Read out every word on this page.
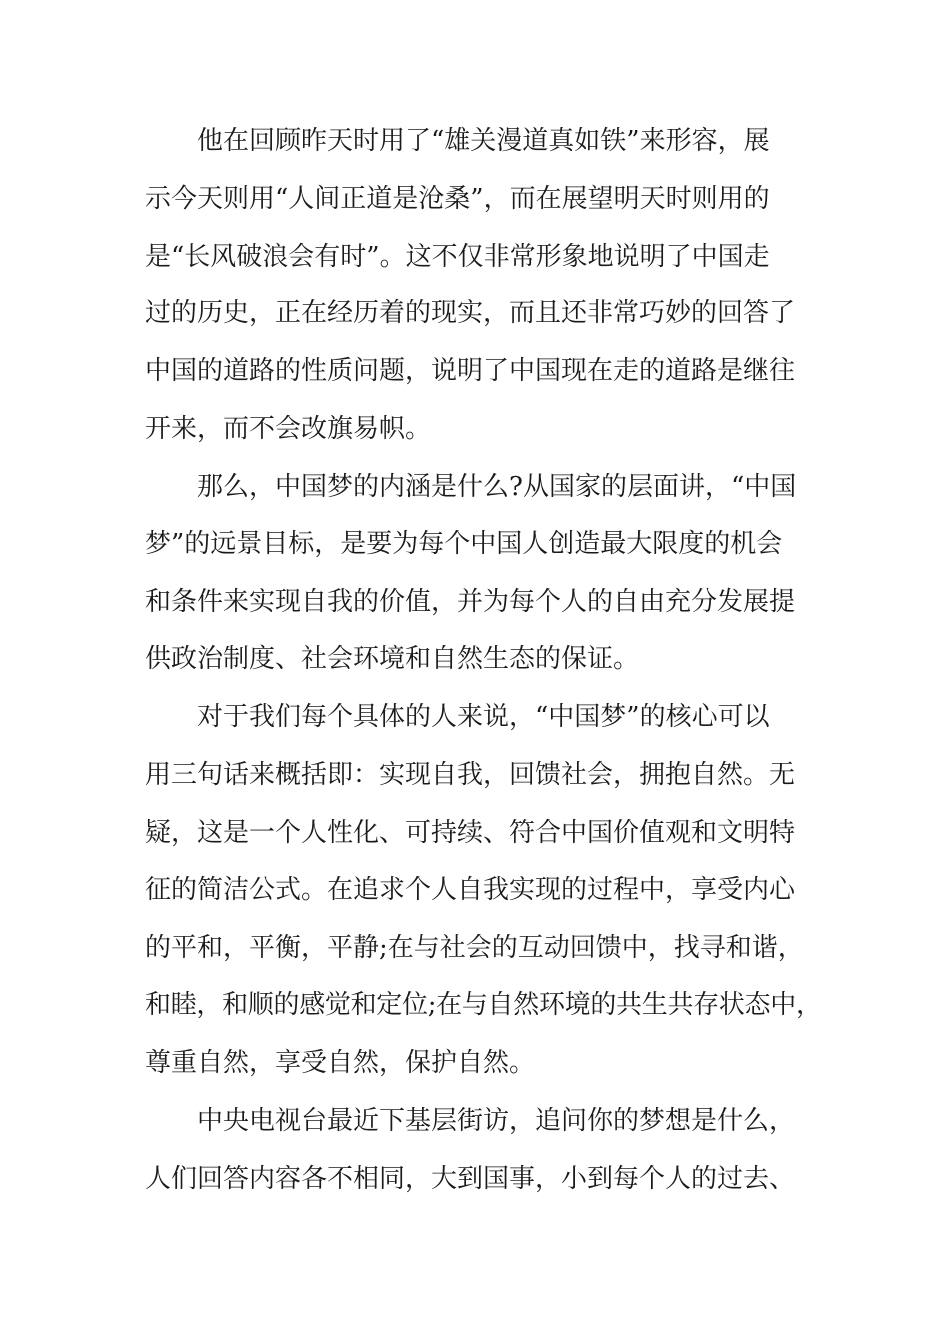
他在回顾昨天时用了“雄关漫道真如铁”来形容，展

示今天则用“人间正道是沧桑”，而在展望明天时则用的

是“长风破浪会有时”。这不仅非常形象地说明了中国走

过的历史，正在经历着的现实，而且还非常巧妙的回答了

中国的道路的性质问题，说明了中国现在走的道路是继往

开来，而不会改旗易帜。

那么，中国梦的内涵是什么?从国家的层面讲，“中国

梦”的远景目标，是要为每个中国人创造最大限度的机会

和条件来实现自我的价值，并为每个人的自由充分发展提

供政治制度、社会环境和自然生态的保证。

对于我们每个具体的人来说，“中国梦”的核心可以

用三句话来概括即：实现自我，回馈社会，拥抱自然。无

疑，这是一个人性化、可持续、符合中国价值观和文明特

征的简洁公式。在追求个人自我实现的过程中，享受内心

的平和，平衡，平静;在与社会的互动回馈中，找寻和谐，

和睦，和顺的感觉和定位;在与自然环境的共生共存状态中，

尊重自然，享受自然，保护自然。

中央电视台最近下基层街访，追问你的梦想是什么，

人们回答内容各不相同，大到国事，小到每个人的过去、
